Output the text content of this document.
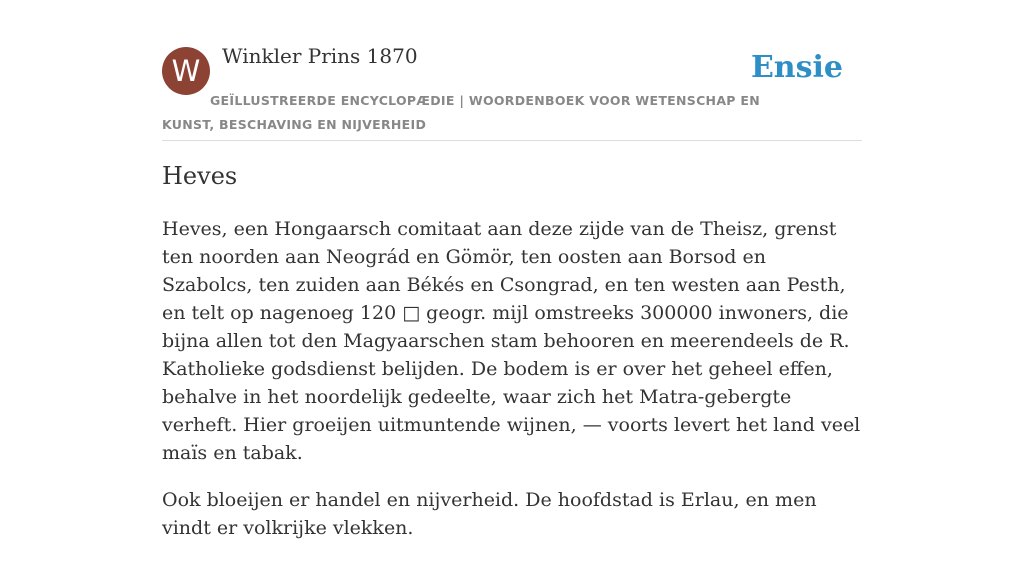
W	Winkler Prins 1870	Ensie
GEÏLLUSTREERDE ENCYCLOPÆDIE | WOORDENBOEK VOOR WETENSCHAP EN KUNST, BESCHAVING EN NIJVERHEID
Heves

Heves, een Hongaarsch comitaat aan deze zijde van de Theisz, grenst ten noorden aan Neográd en Gömör, ten oosten aan Borsod en Szabolcs, ten zuiden aan Békés en Csongrad, en ten westen aan Pesth, en telt op nagenoeg 120 □ geogr. mijl omstreeks 300000 inwoners, die bijna allen tot den Magyaarschen stam behooren en meerendeels de R. Katholieke godsdienst belijden. De bodem is er over het geheel effen, behalve in het noordelijk gedeelte, waar zich het Matra-gebergte verheft. Hier groeijen uitmuntende wijnen, — voorts levert het land veel maïs en tabak.

Ook bloeijen er handel en nijverheid. De hoofdstad is Erlau, en men vindt er volkrijke vlekken.
